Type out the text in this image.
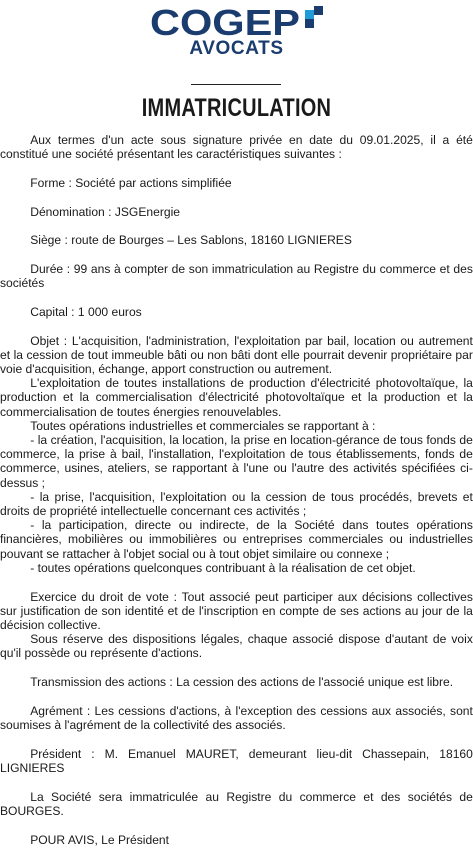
COGEP
AVOCATS
IMMATRICULATION

Aux termes d'un acte sous signature privée en date du 09.01.2025, il a été constitué une société présentant les caractéristiques suivantes :

Forme : Société par actions simplifiée

Dénomination : JSGEnergie

Siège : route de Bourges – Les Sablons, 18160 LIGNIERES

Durée : 99 ans à compter de son immatriculation au Registre du commerce et des sociétés

Capital : 1 000 euros

Objet : L'acquisition, l'administration, l'exploitation par bail, location ou autrement et la cession de tout immeuble bâti ou non bâti dont elle pourrait devenir propriétaire par voie d'acquisition, échange, apport construction ou autrement.

L'exploitation de toutes installations de production d'électricité photovoltaïque, la production et la commercialisation d'électricité photovoltaïque et la production et la commercialisation de toutes énergies renouvelables.

Toutes opérations industrielles et commerciales se rapportant à :

- la création, l'acquisition, la location, la prise en location-gérance de tous fonds de commerce, la prise à bail, l'installation, l'exploitation de tous établissements, fonds de commerce, usines, ateliers, se rapportant à l'une ou l'autre des activités spécifiées ci-dessus ;

- la prise, l'acquisition, l'exploitation ou la cession de tous procédés, brevets et droits de propriété intellectuelle concernant ces activités ;

- la participation, directe ou indirecte, de la Société dans toutes opérations financières, mobilières ou immobilières ou entreprises commerciales ou industrielles pouvant se rattacher à l'objet social ou à tout objet similaire ou connexe ;

- toutes opérations quelconques contribuant à la réalisation de cet objet.

Exercice du droit de vote : Tout associé peut participer aux décisions collectives sur justification de son identité et de l'inscription en compte de ses actions au jour de la décision collective.

Sous réserve des dispositions légales, chaque associé dispose d'autant de voix qu'il possède ou représente d'actions.

Transmission des actions : La cession des actions de l'associé unique est libre.

Agrément : Les cessions d'actions, à l'exception des cessions aux associés, sont soumises à l'agrément de la collectivité des associés.

Président : M. Emanuel MAURET, demeurant lieu-dit Chassepain, 18160 LIGNIERES

La Société sera immatriculée au Registre du commerce et des sociétés de BOURGES.

POUR AVIS, Le Président
